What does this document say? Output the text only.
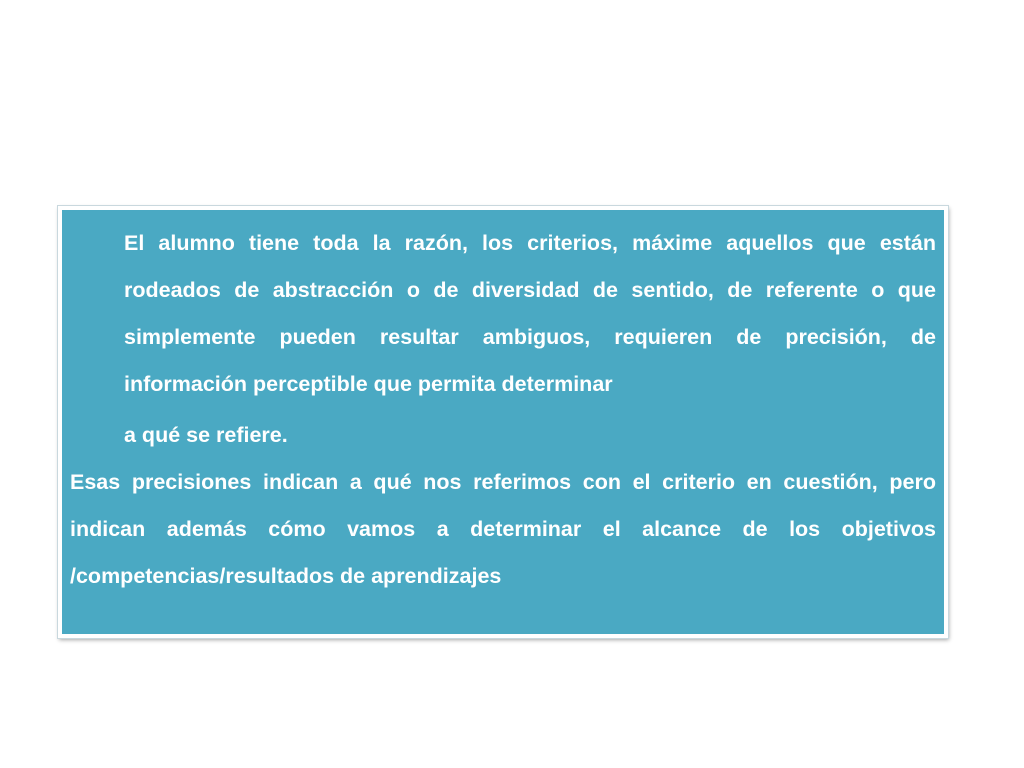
El alumno tiene toda la razón, los criterios, máxime aquellos que están rodeados de abstracción o de diversidad de sentido, de referente o que simplemente pueden resultar ambiguos, requieren de precisión, de información perceptible que permita determinar
a qué se refiere.

Esas precisiones indican a qué nos referimos con el criterio en cuestión, pero indican además cómo vamos a determinar el alcance de los objetivos /competencias/resultados de aprendizajes
